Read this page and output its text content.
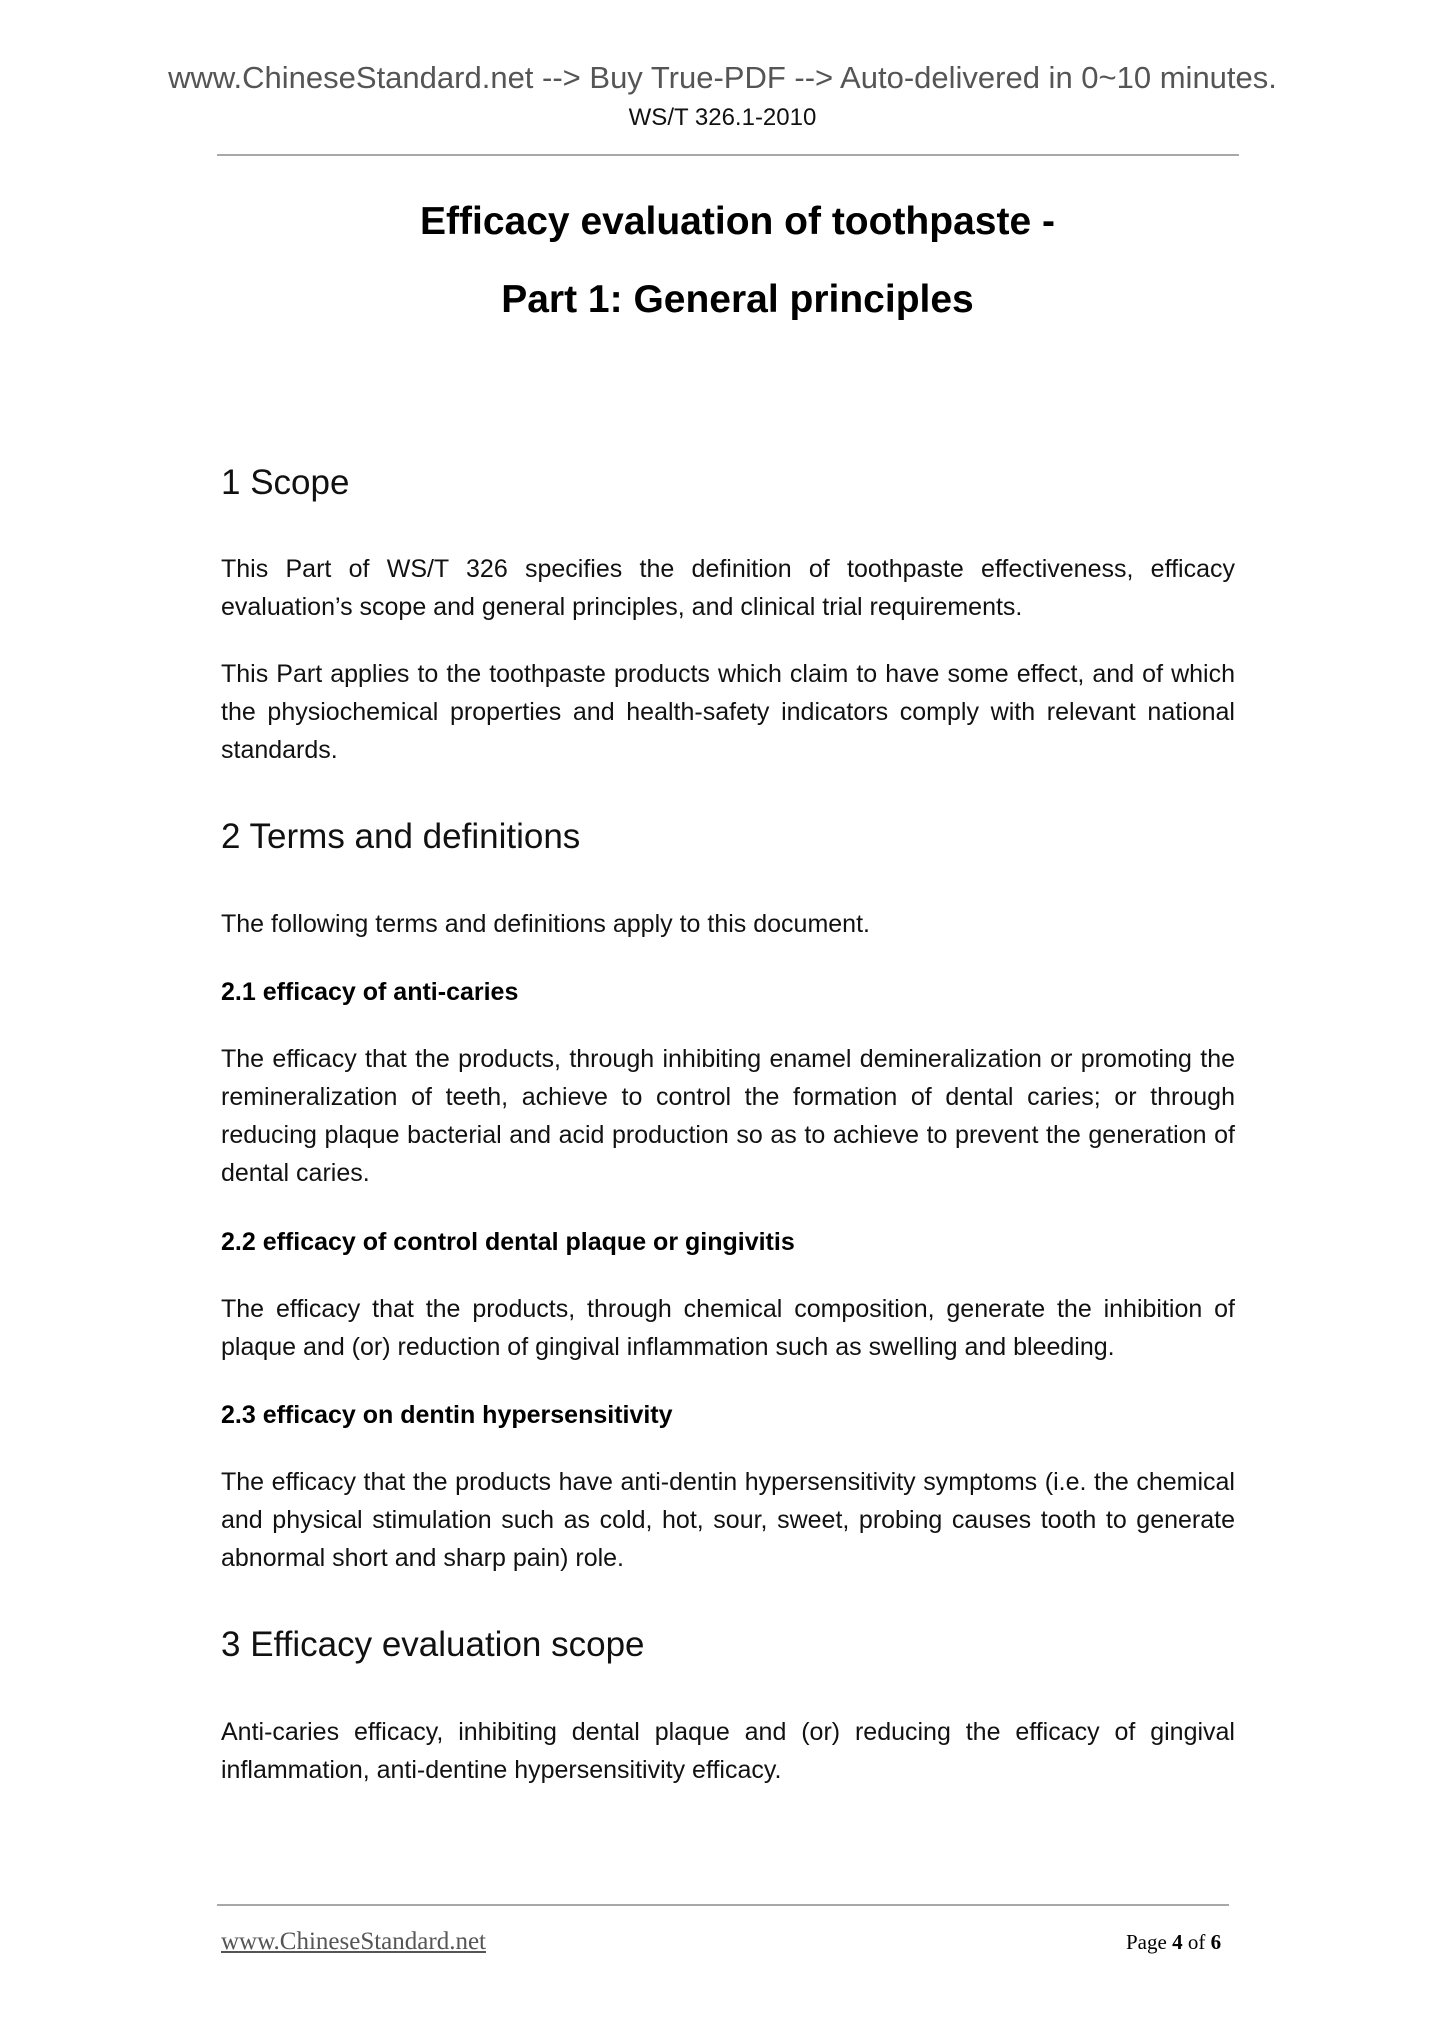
www.ChineseStandard.net --> Buy True-PDF --> Auto-delivered in 0~10 minutes.
WS/T 326.1-2010
Efficacy evaluation of toothpaste -
Part 1: General principles
1 Scope
This Part of WS/T 326 specifies the definition of toothpaste effectiveness, efficacy evaluation’s scope and general principles, and clinical trial requirements.
This Part applies to the toothpaste products which claim to have some effect, and of which the physiochemical properties and health-safety indicators comply with relevant national standards.
2 Terms and definitions
The following terms and definitions apply to this document.
2.1 efficacy of anti-caries
The efficacy that the products, through inhibiting enamel demineralization or promoting the remineralization of teeth, achieve to control the formation of dental caries; or through reducing plaque bacterial and acid production so as to achieve to prevent the generation of dental caries.
2.2 efficacy of control dental plaque or gingivitis
The efficacy that the products, through chemical composition, generate the inhibition of plaque and (or) reduction of gingival inflammation such as swelling and bleeding.
2.3 efficacy on dentin hypersensitivity
The efficacy that the products have anti-dentin hypersensitivity symptoms (i.e. the chemical and physical stimulation such as cold, hot, sour, sweet, probing causes tooth to generate abnormal short and sharp pain) role.
3 Efficacy evaluation scope
Anti-caries efficacy, inhibiting dental plaque and (or) reducing the efficacy of gingival inflammation, anti-dentine hypersensitivity efficacy.
www.ChineseStandard.net	Page 4 of 6
